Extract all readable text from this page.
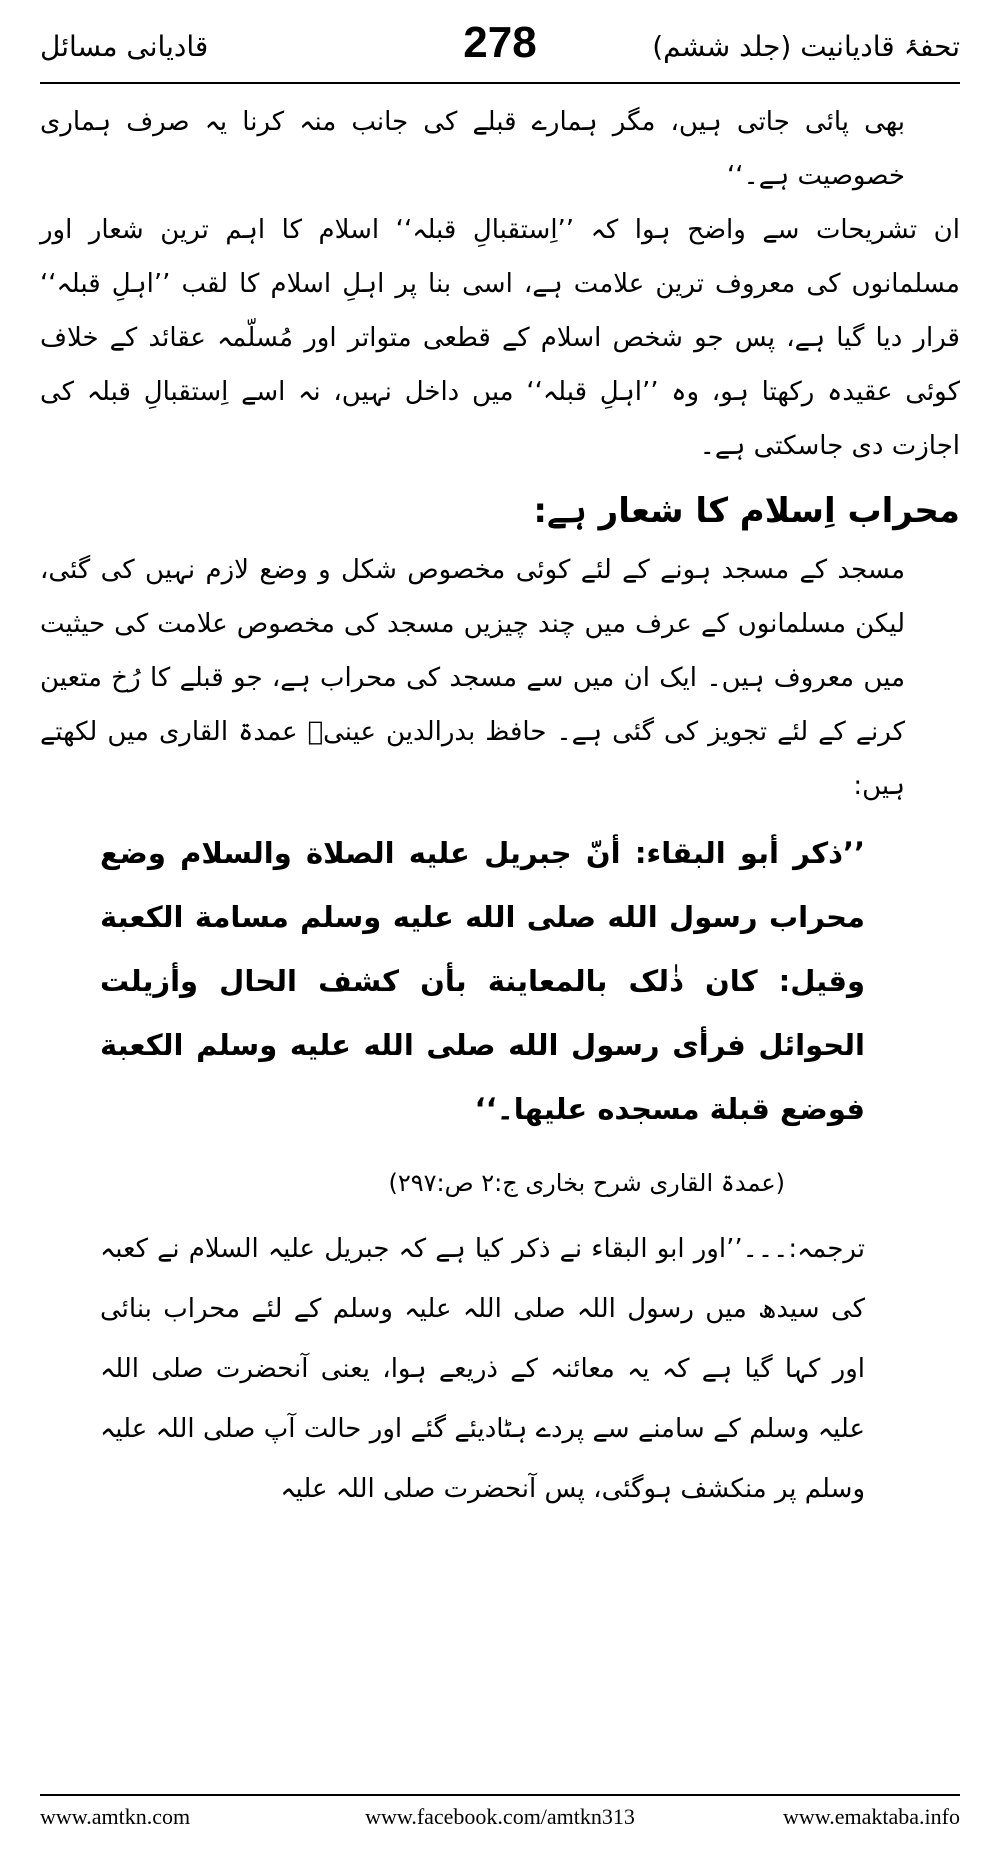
قادیانی مسائل	278	تحفۂ قادیانیت (جلد ششم)

بھی پائی جاتی ہیں، مگر ہمارے قبلے کی جانب منہ کرنا یہ صرف ہماری خصوصیت ہے۔‘‘

ان تشریحات سے واضح ہوا کہ ’’اِستقبالِ قبلہ‘‘ اسلام کا اہم ترین شعار اور مسلمانوں کی معروف ترین علامت ہے، اسی بنا پر اہلِ اسلام کا لقب ’’اہلِ قبلہ‘‘ قرار دیا گیا ہے، پس جو شخص اسلام کے قطعی متواتر اور مُسلّمہ عقائد کے خلاف کوئی عقیدہ رکھتا ہو، وہ ’’اہلِ قبلہ‘‘ میں داخل نہیں، نہ اسے اِستقبالِ قبلہ کی اجازت دی جاسکتی ہے۔

محراب اِسلام کا شعار ہے:

مسجد کے مسجد ہونے کے لئے کوئی مخصوص شکل و وضع لازم نہیں کی گئی، لیکن مسلمانوں کے عرف میں چند چیزیں مسجد کی مخصوص علامت کی حیثیت میں معروف ہیں۔ ایک ان میں سے مسجد کی محراب ہے، جو قبلے کا رُخ متعین کرنے کے لئے تجویز کی گئی ہے۔ حافظ بدرالدین عینیؒ عمدۃ القاری میں لکھتے ہیں:

’’ذکر أبو البقاء: أنّ جبریل علیه الصلاة والسلام وضع محراب رسول الله صلی الله علیه وسلم مسامة الکعبة وقیل: کان ذٰلک بالمعاینة بأن کشف الحال وأزیلت الحوائل فرأی رسول الله صلی الله علیه وسلم الکعبة فوضع قبلة مسجده علیها۔‘‘

(عمدۃ القاری شرح بخاری ج:۲ ص:۲۹۷)

ترجمہ:۔۔۔’’اور ابو البقاء نے ذکر کیا ہے کہ جبریل علیہ السلام نے کعبہ کی سیدھ میں رسول اللہ صلی اللہ علیہ وسلم کے لئے محراب بنائی اور کہا گیا ہے کہ یہ معائنہ کے ذریعے ہوا، یعنی آنحضرت صلی اللہ علیہ وسلم کے سامنے سے پردے ہٹادیئے گئے اور حالت آپ صلی اللہ علیہ وسلم پر منکشف ہوگئی، پس آنحضرت صلی اللہ علیہ

www.amtkn.com	www.facebook.com/amtkn313	www.emaktaba.info
